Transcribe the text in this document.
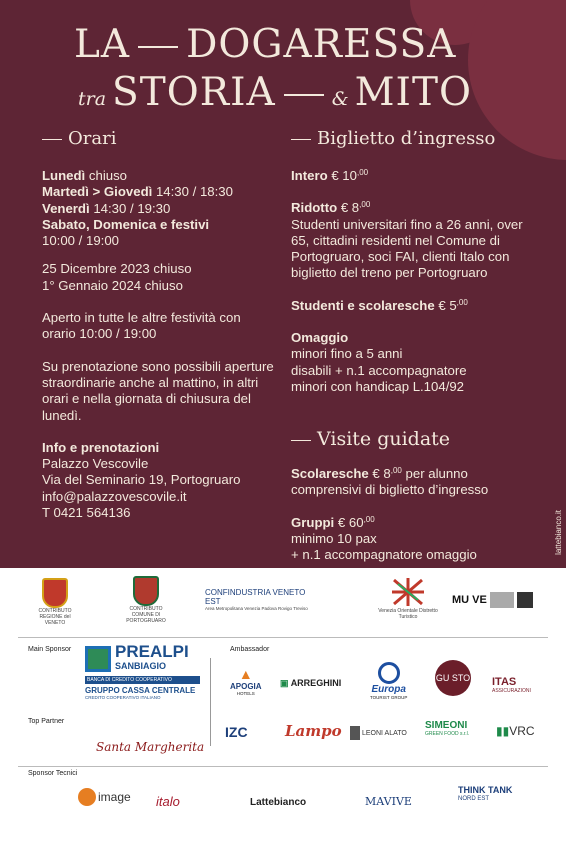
LA DOGARESSA
tra STORIA	& MITO
Orari	Biglietto d’ingresso

Lunedì chiuso
Martedì > Giovedì 14:30 / 18:30
Venerdì 14:30 / 19:30
Sabato, Domenica e festivi
10:00 / 19:00

25 Dicembre 2023 chiuso
1° Gennaio 2024 chiuso

Aperto in tutte le altre festività con orario 10:00 / 19:00

Su prenotazione sono possibili aperture straordinarie anche al mattino, in altri orari e nella giornata di chiusura del lunedì.

Info e prenotazioni
Palazzo Vescovile
Via del Seminario 19, Portogruaro
info@palazzovescovile.it
T 0421 564136

Intero € $10^{,00}$

Ridotto € $8^{,00}$
Studenti universitari fino a 26 anni, over 65, cittadini residenti nel Comune di Portogruaro, soci FAI, clienti Italo con biglietto del treno per Portogruaro

Studenti e scolaresche € $5^{,00}$

Omaggio
minori fino a 5 anni
disabili + n.1 accompagnatore
minori con handicap L.104/92

Visite guidate

Scolaresche € $8^{,00}$ per alunno
comprensivi di biglietto d’ingresso

Gruppi € $60^{,00}$
minimo 10 pax
+ n.1 accompagnatore omaggio	lattebianco.it
CONTRIBUTO REGIONE del VENETO
CONTRIBUTO COMUNE DI PORTOGRUARO
CONFINDUSTRIA VENETO EST
Area Metropolitana Venezia Padova Rovigo Treviso	Venezia Orientale Distretto Turistico
MU VE
Main Sponsor	Ambassador
Top Partner
PREALPI
SANBIAGIO
BANCA DI CREDITO COOPERATIVO
GRUPPO CASSA CENTRALE
CREDITO COOPERATIVO ITALIANO
Santa Margherita
▲
APOGIA
HOTELS
▣ ARREGHINI
Europa
TOURIST GROUP
GU STO ITAS
ASSICURAZIONI
IZC Lampo	LEONI ALATO
SIMEONI
GREEN FOOD s.r.l. ▮▮VRC
Sponsor Tecnici
image italo	Lattebianco	MAVIVE
THINK TANK
NORD EST
